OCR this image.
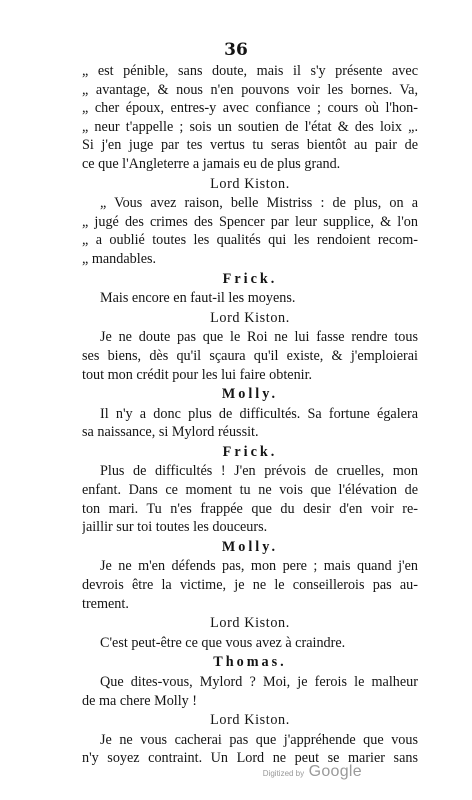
36
„ est pénible, sans doute, mais il s'y présente avec
„ avantage, & nous n'en pouvons voir les bornes. Va,
„ cher époux, entres-y avec confiance ; cours où l'hon-
„ neur t'appelle ; sois un soutien de l'état & des loix „.
Si j'en juge par tes vertus tu seras bientôt au pair de
ce que l'Angleterre a jamais eu de plus grand.
Lord Kiston.
„ Vous avez raison, belle Mistriss : de plus, on a
„ jugé des crimes des Spencer par leur supplice, & l'on
„ a oublié toutes les qualités qui les rendoient recom-
„ mandables.
Frick.
Mais encore en faut-il les moyens.
Lord Kiston.
Je ne doute pas que le Roi ne lui fasse rendre tous
ses biens, dès qu'il sçaura qu'il existe, & j'emploierai
tout mon crédit pour les lui faire obtenir.
Molly.
Il n'y a donc plus de difficultés. Sa fortune égalera
sa naissance, si Mylord réussit.
Frick.
Plus de difficultés ! J'en prévois de cruelles, mon
enfant. Dans ce moment tu ne vois que l'élévation de
ton mari. Tu n'es frappée que du desir d'en voir re-
jaillir sur toi toutes les douceurs.
Molly.
Je ne m'en défends pas, mon pere ; mais quand j'en
devrois être la victime, je ne le conseillerois pas au-
trement.
Lord Kiston.
C'est peut-être ce que vous avez à craindre.
Thomas.
Que dites-vous, Mylord ? Moi, je ferois le malheur
de ma chere Molly !
Lord Kiston.
Je ne vous cacherai pas que j'appréhende que vous
n'y soyez contraint. Un Lord ne peut se marier sans
Digitized by Google
